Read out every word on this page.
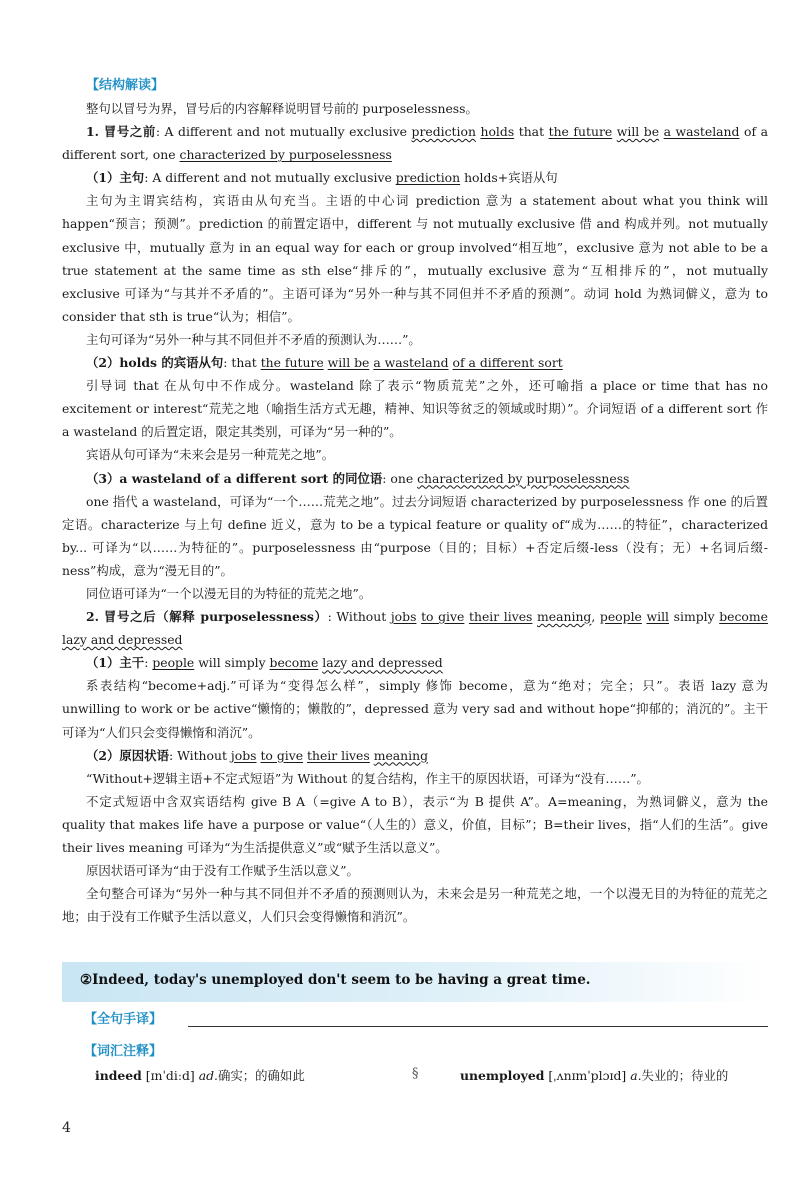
【结构解读】

整句以冒号为界，冒号后的内容解释说明冒号前的 purposelessness。

1. 冒号之前: A different and not mutually exclusive prediction holds that the future will be a wasteland of a different sort, one characterized by purposelessness

（1）主句: A different and not mutually exclusive prediction holds+宾语从句

主句为主谓宾结构，宾语由从句充当。主语的中心词 prediction 意为 a statement about what you think will happen“预言；预测”。prediction 的前置定语中，different 与 not mutually exclusive 借 and 构成并列。not mutually exclusive 中，mutually 意为 in an equal way for each or group involved“相互地”，exclusive 意为 not able to be a true statement at the same time as sth else“排斥的”，mutually exclusive 意为“互相排斥的”，not mutually exclusive 可译为“与其并不矛盾的”。主语可译为“另外一种与其不同但并不矛盾的预测”。动词 hold 为熟词僻义，意为 to consider that sth is true“认为；相信”。

主句可译为“另外一种与其不同但并不矛盾的预测认为……”。

（2）holds 的宾语从句: that the future will be a wasteland of a different sort

引导词 that 在从句中不作成分。wasteland 除了表示“物质荒芜”之外，还可喻指 a place or time that has no excitement or interest“荒芜之地（喻指生活方式无趣，精神、知识等贫乏的领域或时期）”。介词短语 of a different sort 作 a wasteland 的后置定语，限定其类别，可译为“另一种的”。

宾语从句可译为“未来会是另一种荒芜之地”。

（3）a wasteland of a different sort 的同位语: one characterized by purposelessness

one 指代 a wasteland，可译为“一个……荒芜之地”。过去分词短语 characterized by purposelessness 作 one 的后置定语。characterize 与上句 define 近义，意为 to be a typical feature or quality of“成为……的特征”，characterized by... 可译为“以……为特征的”。purposelessness 由“purpose（目的；目标）+否定后缀-less（没有；无）+名词后缀-ness”构成，意为“漫无目的”。

同位语可译为“一个以漫无目的为特征的荒芜之地”。

2. 冒号之后（解释 purposelessness）: Without jobs to give their lives meaning, people will simply become lazy and depressed

（1）主干: people will simply become lazy and depressed

系表结构“become+adj.”可译为“变得怎么样”，simply 修饰 become，意为“绝对；完全；只”。表语 lazy 意为 unwilling to work or be active“懒惰的；懒散的”，depressed 意为 very sad and without hope“抑郁的；消沉的”。主干可译为“人们只会变得懒惰和消沉”。

（2）原因状语: Without jobs to give their lives meaning

“Without+逻辑主语+不定式短语”为 Without 的复合结构，作主干的原因状语，可译为“没有……”。

不定式短语中含双宾语结构 give B A（=give A to B），表示“为 B 提供 A”。A=meaning，为熟词僻义，意为 the quality that makes life have a purpose or value“（人生的）意义，价值，目标”；B=their lives，指“人们的生活”。give their lives meaning 可译为“为生活提供意义”或“赋予生活以意义”。

原因状语可译为“由于没有工作赋予生活以意义”。

全句整合可译为“另外一种与其不同但并不矛盾的预测则认为，未来会是另一种荒芜之地，一个以漫无目的为特征的荒芜之地；由于没有工作赋予生活以意义，人们只会变得懒惰和消沉”。

②Indeed, today's unemployed don't seem to be having a great time.
【全句手译】
【词汇注释】
indeed [ɪnˈdiːd] ad.确实；的确如此	§	unemployed [ˌʌnɪmˈplɔɪd] a.失业的；待业的
4
